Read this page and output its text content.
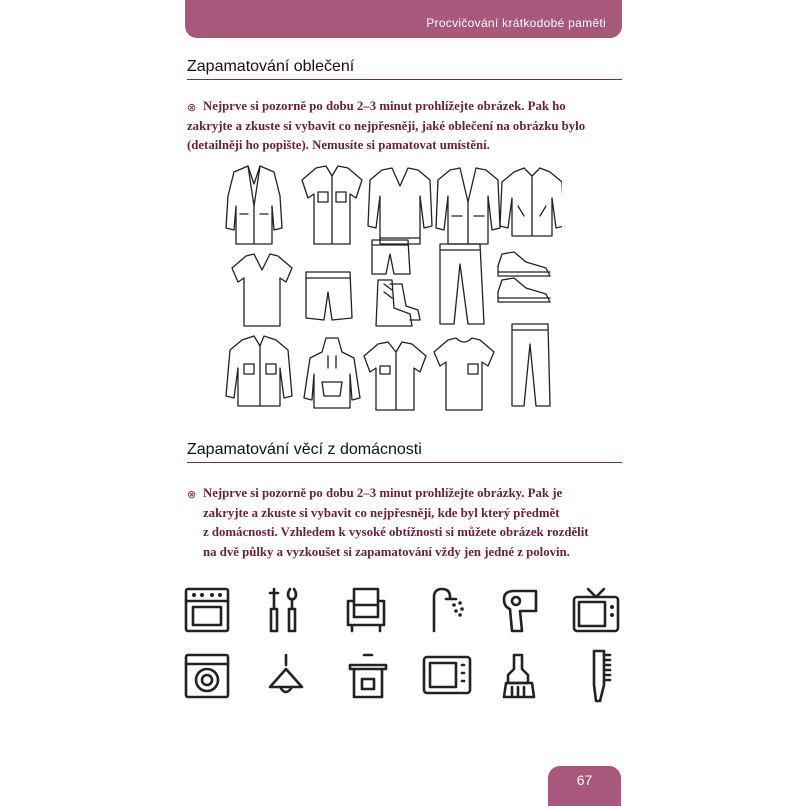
Procvičování krátkodobé paměti
Zapamatování oblečení
⊗ Nejprve si pozorně po dobu 2–3 minut prohlížejte obrázek. Pak ho
zakryjte a zkuste si vybavit co nejpřesněji, jaké oblečení na obrázku bylo
(detailněji ho popište). Nemusíte si pamatovat umístění.
Zapamatování věcí z domácnosti
⊗ Nejprve si pozorně po dobu 2–3 minut prohlížejte obrázky. Pak je
zakryjte a zkuste si vybavit co nejpřesněji, kde byl který předmět
z domácnosti. Vzhledem k vysoké obtížnosti si můžete obrázek rozdělit
na dvě půlky a vyzkoušet si zapamatování vždy jen jedné z polovin.
67
